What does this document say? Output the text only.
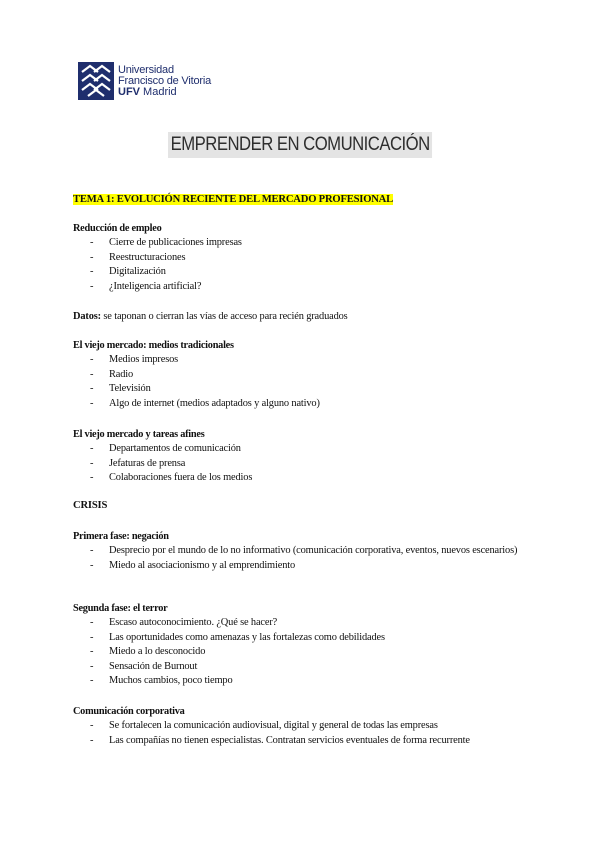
Universidad
Francisco de Vitoria
UFV Madrid
EMPRENDER EN COMUNICACIÓN
TEMA 1: EVOLUCIÓN RECIENTE DEL MERCADO PROFESIONAL

Reducción de empleo

- Cierre de publicaciones impresas
- Reestructuraciones
- Digitalización
- ¿Inteligencia artificial?
Datos: se taponan o cierran las vías de acceso para recién graduados

El viejo mercado: medios tradicionales

- Medios impresos
- Radio
- Televisión
- Algo de internet (medios adaptados y alguno nativo)

El viejo mercado y tareas afines

- Departamentos de comunicación
- Jefaturas de prensa
- Colaboraciones fuera de los medios
CRISIS

Primera fase: negación

- Desprecio por el mundo de lo no informativo (comunicación corporativa, eventos, nuevos escenarios)
- Miedo al asociacionismo y al emprendimiento

Segunda fase: el terror

- Escaso autoconocimiento. ¿Qué se hacer?
- Las oportunidades como amenazas y las fortalezas como debilidades
- Miedo a lo desconocido
- Sensación de Burnout
- Muchos cambios, poco tiempo

Comunicación corporativa

- Se fortalecen la comunicación audiovisual, digital y general de todas las empresas
- Las compañías no tienen especialistas. Contratan servicios eventuales de forma recurrente
